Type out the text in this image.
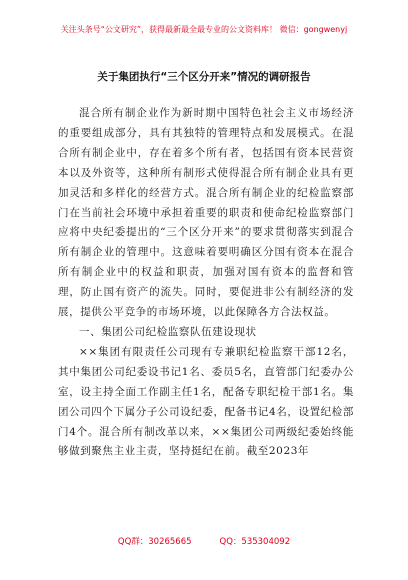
关注头条号“公文研究”，获得最新最全最专业的公文资料库！ 微信：gongwenyj
关于集团执行“三个区分开来”情况的调研报告

混合所有制企业作为新时期中国特色社会主义市场经济的重要组成部分，具有其独特的管理特点和发展模式。在混合所有制企业中，存在着多个所有者，包括国有资本民营资本以及外资等，这种所有制形式使得混合所有制企业具有更加灵活和多样化的经营方式。混合所有制企业的纪检监察部门在当前社会环境中承担着重要的职责和使命纪检监察部门应将中央纪委提出的“三个区分开来”的要求贯彻落实到混合所有制企业的管理中。这意味着要明确区分国有资本在混合所有制企业中的权益和职责，加强对国有资本的监督和管理，防止国有资产的流失。同时，要促进非公有制经济的发展，提供公平竞争的市场环境，以此保障各方合法权益。

一、集团公司纪检监察队伍建设现状

××集团有限责任公司现有专兼职纪检监察干部12名，其中集团公司纪委设书记1名、委员5名，直管部门纪委办公室，设主持全面工作副主任1名，配备专职纪检干部1名。集团公司四个下属分子公司设纪委，配备书记4名，设置纪检部门4个。混合所有制改革以来，××集团公司两级纪委始终能够做到聚焦主业主责，坚持挺纪在前。截至2023年

QQ群：30265665	QQ：535304092
